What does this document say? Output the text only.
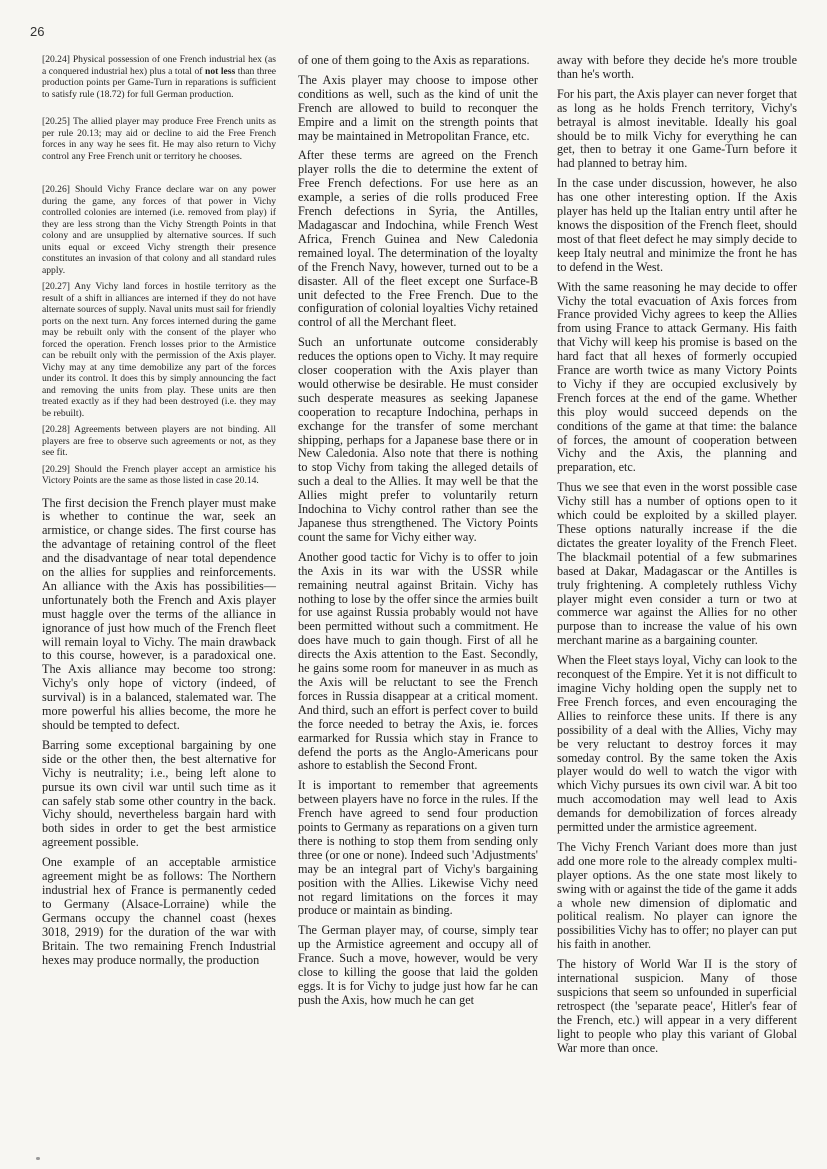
26

[20.24] Physical possession of one French industrial hex (as a conquered industrial hex) plus a total of not less than three production points per Game-Turn in reparations is sufficient to satisfy rule (18.72) for full German production.

[20.25] The allied player may produce Free French units as per rule 20.13; may aid or decline to aid the Free French forces in any way he sees fit. He may also return to Vichy control any Free French unit or territory he chooses.

[20.26] Should Vichy France declare war on any power during the game, any forces of that power in Vichy controlled colonies are interned (i.e. removed from play) if they are less strong than the Vichy Strength Points in that colony and are unsupplied by alternative sources. If such units equal or exceed Vichy strength their presence constitutes an invasion of that colony and all standard rules apply.

[20.27] Any Vichy land forces in hostile territory as the result of a shift in alliances are interned if they do not have alternate sources of supply. Naval units must sail for friendly ports on the next turn. Any forces interned during the game may be rebuilt only with the consent of the player who forced the operation. French losses prior to the Armistice can be rebuilt only with the permission of the Axis player. Vichy may at any time demobilize any part of the forces under its control. It does this by simply announcing the fact and removing the units from play. These units are then treated exactly as if they had been destroyed (i.e. they may be rebuilt).

[20.28] Agreements between players are not binding. All players are free to observe such agreements or not, as they see fit.

[20.29] Should the French player accept an armistice his Victory Points are the same as those listed in case 20.14.

The first decision the French player must make is whether to continue the war, seek an armistice, or change sides. The first course has the advantage of retaining control of the fleet and the disadvantage of near total dependence on the allies for supplies and reinforcements. An alliance with the Axis has possibilities—unfortunately both the French and Axis player must haggle over the terms of the alliance in ignorance of just how much of the French fleet will remain loyal to Vichy. The main drawback to this course, however, is a paradoxical one. The Axis alliance may become too strong: Vichy's only hope of victory (indeed, of survival) is in a balanced, stalemated war. The more powerful his allies become, the more he should be tempted to defect.

Barring some exceptional bargaining by one side or the other then, the best alternative for Vichy is neutrality; i.e., being left alone to pursue its own civil war until such time as it can safely stab some other country in the back. Vichy should, nevertheless bargain hard with both sides in order to get the best armistice agreement possible.

One example of an acceptable armistice agreement might be as follows: The Northern industrial hex of France is permanently ceded to Germany (Alsace-Lorraine) while the Germans occupy the channel coast (hexes 3018, 2919) for the duration of the war with Britain. The two remaining French Industrial hexes may produce normally, the production

of one of them going to the Axis as reparations.

The Axis player may choose to impose other conditions as well, such as the kind of unit the French are allowed to build to reconquer the Empire and a limit on the strength points that may be maintained in Metropolitan France, etc.

After these terms are agreed on the French player rolls the die to determine the extent of Free French defections. For use here as an example, a series of die rolls produced Free French defections in Syria, the Antilles, Madagascar and Indochina, while French West Africa, French Guinea and New Caledonia remained loyal. The determination of the loyalty of the French Navy, however, turned out to be a disaster. All of the fleet except one Surface-B unit defected to the Free French. Due to the configuration of colonial loyalties Vichy retained control of all the Merchant fleet.

Such an unfortunate outcome considerably reduces the options open to Vichy. It may require closer cooperation with the Axis player than would otherwise be desirable. He must consider such desperate measures as seeking Japanese cooperation to recapture Indochina, perhaps in exchange for the transfer of some merchant shipping, perhaps for a Japanese base there or in New Caledonia. Also note that there is nothing to stop Vichy from taking the alleged details of such a deal to the Allies. It may well be that the Allies might prefer to voluntarily return Indochina to Vichy control rather than see the Japanese thus strengthened. The Victory Points count the same for Vichy either way.

Another good tactic for Vichy is to offer to join the Axis in its war with the USSR while remaining neutral against Britain. Vichy has nothing to lose by the offer since the armies built for use against Russia probably would not have been permitted without such a commitment. He does have much to gain though. First of all he directs the Axis attention to the East. Secondly, he gains some room for maneuver in as much as the Axis will be reluctant to see the French forces in Russia disappear at a critical moment. And third, such an effort is perfect cover to build the force needed to betray the Axis, ie. forces earmarked for Russia which stay in France to defend the ports as the Anglo-Americans pour ashore to establish the Second Front.

It is important to remember that agreements between players have no force in the rules. If the French have agreed to send four production points to Germany as reparations on a given turn there is nothing to stop them from sending only three (or one or none). Indeed such 'Adjustments' may be an integral part of Vichy's bargaining position with the Allies. Likewise Vichy need not regard limitations on the forces it may produce or maintain as binding.

The German player may, of course, simply tear up the Armistice agreement and occupy all of France. Such a move, however, would be very close to killing the goose that laid the golden eggs. It is for Vichy to judge just how far he can push the Axis, how much he can get

away with before they decide he's more trouble than he's worth.

For his part, the Axis player can never forget that as long as he holds French territory, Vichy's betrayal is almost inevitable. Ideally his goal should be to milk Vichy for everything he can get, then to betray it one Game-Turn before it had planned to betray him.

In the case under discussion, however, he also has one other interesting option. If the Axis player has held up the Italian entry until after he knows the disposition of the French fleet, should most of that fleet defect he may simply decide to keep Italy neutral and minimize the front he has to defend in the West.

With the same reasoning he may decide to offer Vichy the total evacuation of Axis forces from France provided Vichy agrees to keep the Allies from using France to attack Germany. His faith that Vichy will keep his promise is based on the hard fact that all hexes of formerly occupied France are worth twice as many Victory Points to Vichy if they are occupied exclusively by French forces at the end of the game. Whether this ploy would succeed depends on the conditions of the game at that time: the balance of forces, the amount of cooperation between Vichy and the Axis, the planning and preparation, etc.

Thus we see that even in the worst possible case Vichy still has a number of options open to it which could be exploited by a skilled player. These options naturally increase if the die dictates the greater loyality of the French Fleet. The blackmail potential of a few submarines based at Dakar, Madagascar or the Antilles is truly frightening. A completely ruthless Vichy player might even consider a turn or two at commerce war against the Allies for no other purpose than to increase the value of his own merchant marine as a bargaining counter.

When the Fleet stays loyal, Vichy can look to the reconquest of the Empire. Yet it is not difficult to imagine Vichy holding open the supply net to Free French forces, and even encouraging the Allies to reinforce these units. If there is any possibility of a deal with the Allies, Vichy may be very reluctant to destroy forces it may someday control. By the same token the Axis player would do well to watch the vigor with which Vichy pursues its own civil war. A bit too much accomodation may well lead to Axis demands for demobilization of forces already permitted under the armistice agreement.

The Vichy French Variant does more than just add one more role to the already complex multi-player options. As the one state most likely to swing with or against the tide of the game it adds a whole new dimension of diplomatic and political realism. No player can ignore the possibilities Vichy has to offer; no player can put his faith in another.

The history of World War II is the story of international suspicion. Many of those suspicions that seem so unfounded in superficial retrospect (the 'separate peace', Hitler's fear of the French, etc.) will appear in a very different light to people who play this variant of Global War more than once.
